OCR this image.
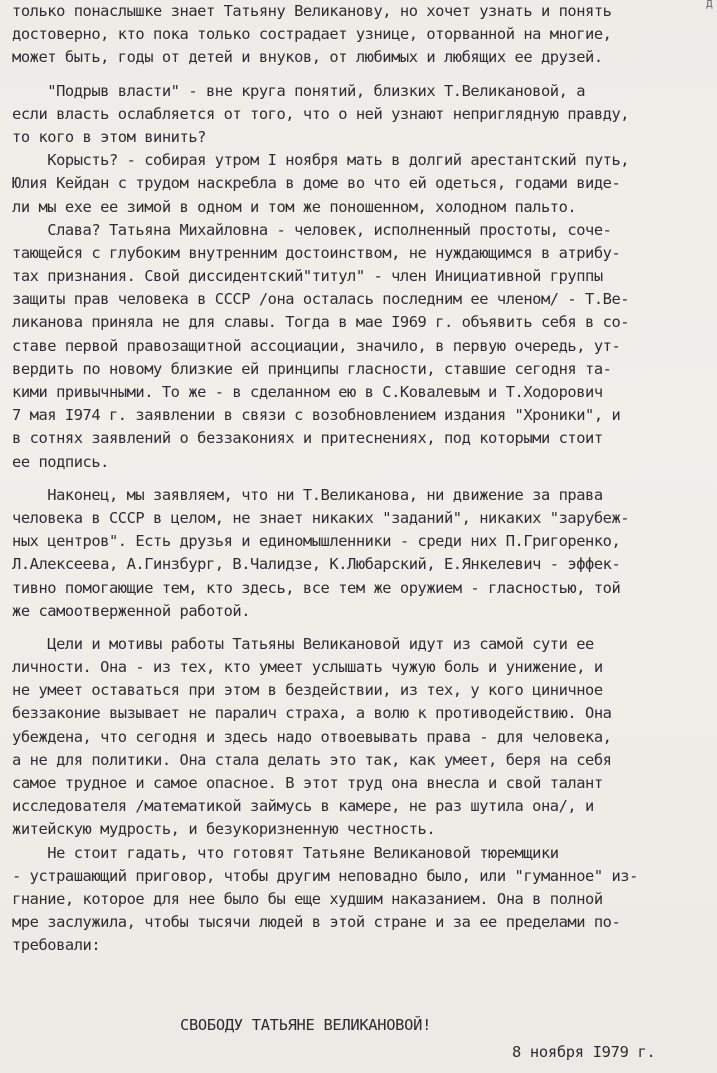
д
только понаслышке знает Татьяну Великанову, но хочет узнать и понять
достоверно, кто пока только сострадает узнице, оторванной на многие,
может быть, годы от детей и внуков, от любимых и любящих ее друзей.
"Подрыв власти" - вне круга понятий, близких Т.Великановой, а
если власть ослабляется от того, что о ней узнают неприглядную правду,
то кого в этом винить?
Корысть? - собирая утром I ноября мать в долгий арестантский путь,
Юлия Кейдан с трудом наскребла в доме во что ей одеться, годами виде-
ли мы ехе ее зимой в одном и том же поношенном, холодном пальто.
Слава? Татьяна Михайловна - человек, исполненный простоты, соче-
тающейся с глубоким внутренним достоинством, не нуждающимся в атрибу-
тах признания. Свой диссидентский"титул" - член Инициативной группы
защиты прав человека в СССР /она осталась последним ее членом/ - Т.Ве-
ликанова приняла не для славы. Тогда в мае I969 г. объявить себя в со-
ставе первой правозащитной ассоциации, значило, в первую очередь, ут-
вердить по новому близкие ей принципы гласности, ставшие сегодня та-
кими привычными. То же - в сделанном ею в С.Ковалевым и Т.Ходорович
7 мая I974 г. заявлении в связи с возобновлением издания "Хроники", и
в сотнях заявлений о беззакониях и притеснениях, под которыми стоит
ее подпись.
Наконец, мы заявляем, что ни Т.Великанова, ни движение за права
человека в СССР в целом, не знает никаких "заданий", никаких "зарубеж-
ных центров". Есть друзья и единомышленники - среди них П.Григоренко,
Л.Алексеева, А.Гинзбург, В.Чалидзе, К.Любарский, Е.Янкелевич - эффек-
тивно помогающие тем, кто здесь, все тем же оружием - гласностью, той
же самоотверженной работой.
Цели и мотивы работы Татьяны Великановой идут из самой сути ее
личности. Она - из тех, кто умеет услышать чужую боль и унижение, и
не умеет оставаться при этом в бездействии, из тех, у кого циничное
беззаконие вызывает не паралич страха, а волю к противодействию. Она
убеждена, что сегодня и здесь надо отвоевывать права - для человека,
а не для политики. Она стала делать это так, как умеет, беря на себя
самое трудное и самое опасное. В этот труд она внесла и свой талант
исследователя /математикой займусь в камере, не раз шутила она/, и
житейскую мудрость, и безукоризненную честность.
Не стоит гадать, что готовят Татьяне Великановой тюремщики
- устрашающий приговор, чтобы другим неповадно было, или "гуманное" из-
гнание, которое для нее было бы еще худшим наказанием. Она в полной
мре заслужила, чтобы тысячи людей в этой стране и за ее пределами по-
требовали:
СВОБОДУ ТАТЬЯНЕ ВЕЛИКАНОВОЙ!
8 ноября I979 г.
